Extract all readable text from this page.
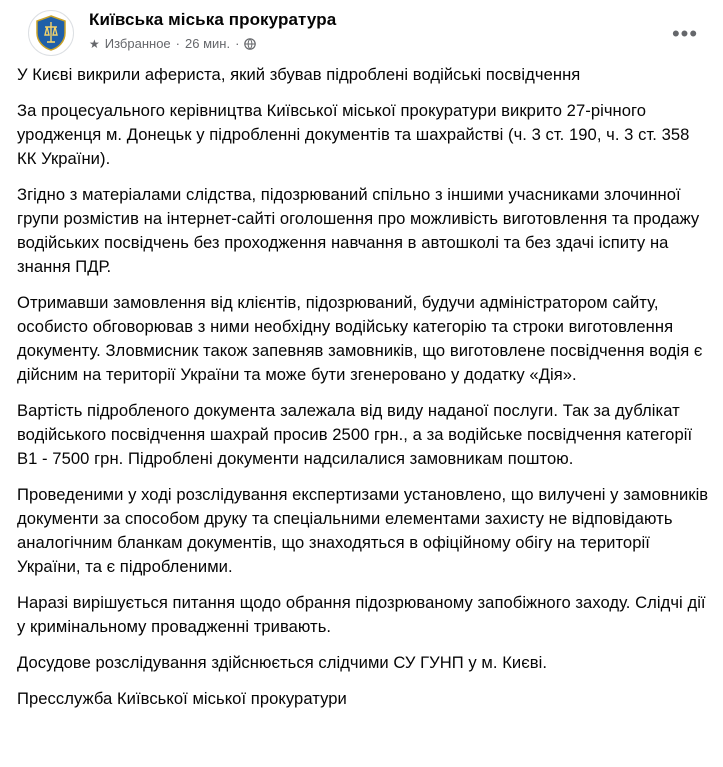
Київська міська прокуратура
★ Избранное · 26 мин. ·	•••

У Києві викрили афериста, який збував підроблені водійські посвідчення

За процесуального керівництва Київської міської прокуратури викрито 27-річного уродженця м. Донецьк у підробленні документів та шахрайстві (ч. 3 ст. 190, ч. 3 ст. 358 КК України).

Згідно з матеріалами слідства, підозрюваний спільно з іншими учасниками злочинної групи розмістив на інтернет-сайті оголошення про можливість виготовлення та продажу водійських посвідчень без проходження навчання в автошколі та без здачі іспиту на знання ПДР.

Отримавши замовлення від клієнтів, підозрюваний, будучи адміністратором сайту, особисто обговорював з ними необхідну водійську категорію та строки виготовлення документу. Зловмисник також запевняв замовників, що виготовлене посвідчення водія є дійсним на території України та може бути згенеровано у додатку «Дія».

Вартість підробленого документа залежала від виду наданої послуги. Так за дублікат водійського посвідчення шахрай просив 2500 грн., а за водійське посвідчення категорії В1 - 7500 грн. Підроблені документи надсилалися замовникам поштою.

Проведеними у ході розслідування експертизами установлено, що вилучені у замовників документи за способом друку та спеціальними елементами захисту не відповідають аналогічним бланкам документів, що знаходяться в офіційному обігу на території України, та є підробленими.

Наразі вирішується питання щодо обрання підозрюваному запобіжного заходу. Слідчі дії у кримінальному провадженні тривають.

Досудове розслідування здійснюється слідчими СУ ГУНП у м. Києві.

Пресслужба Київської міської прокуратури
